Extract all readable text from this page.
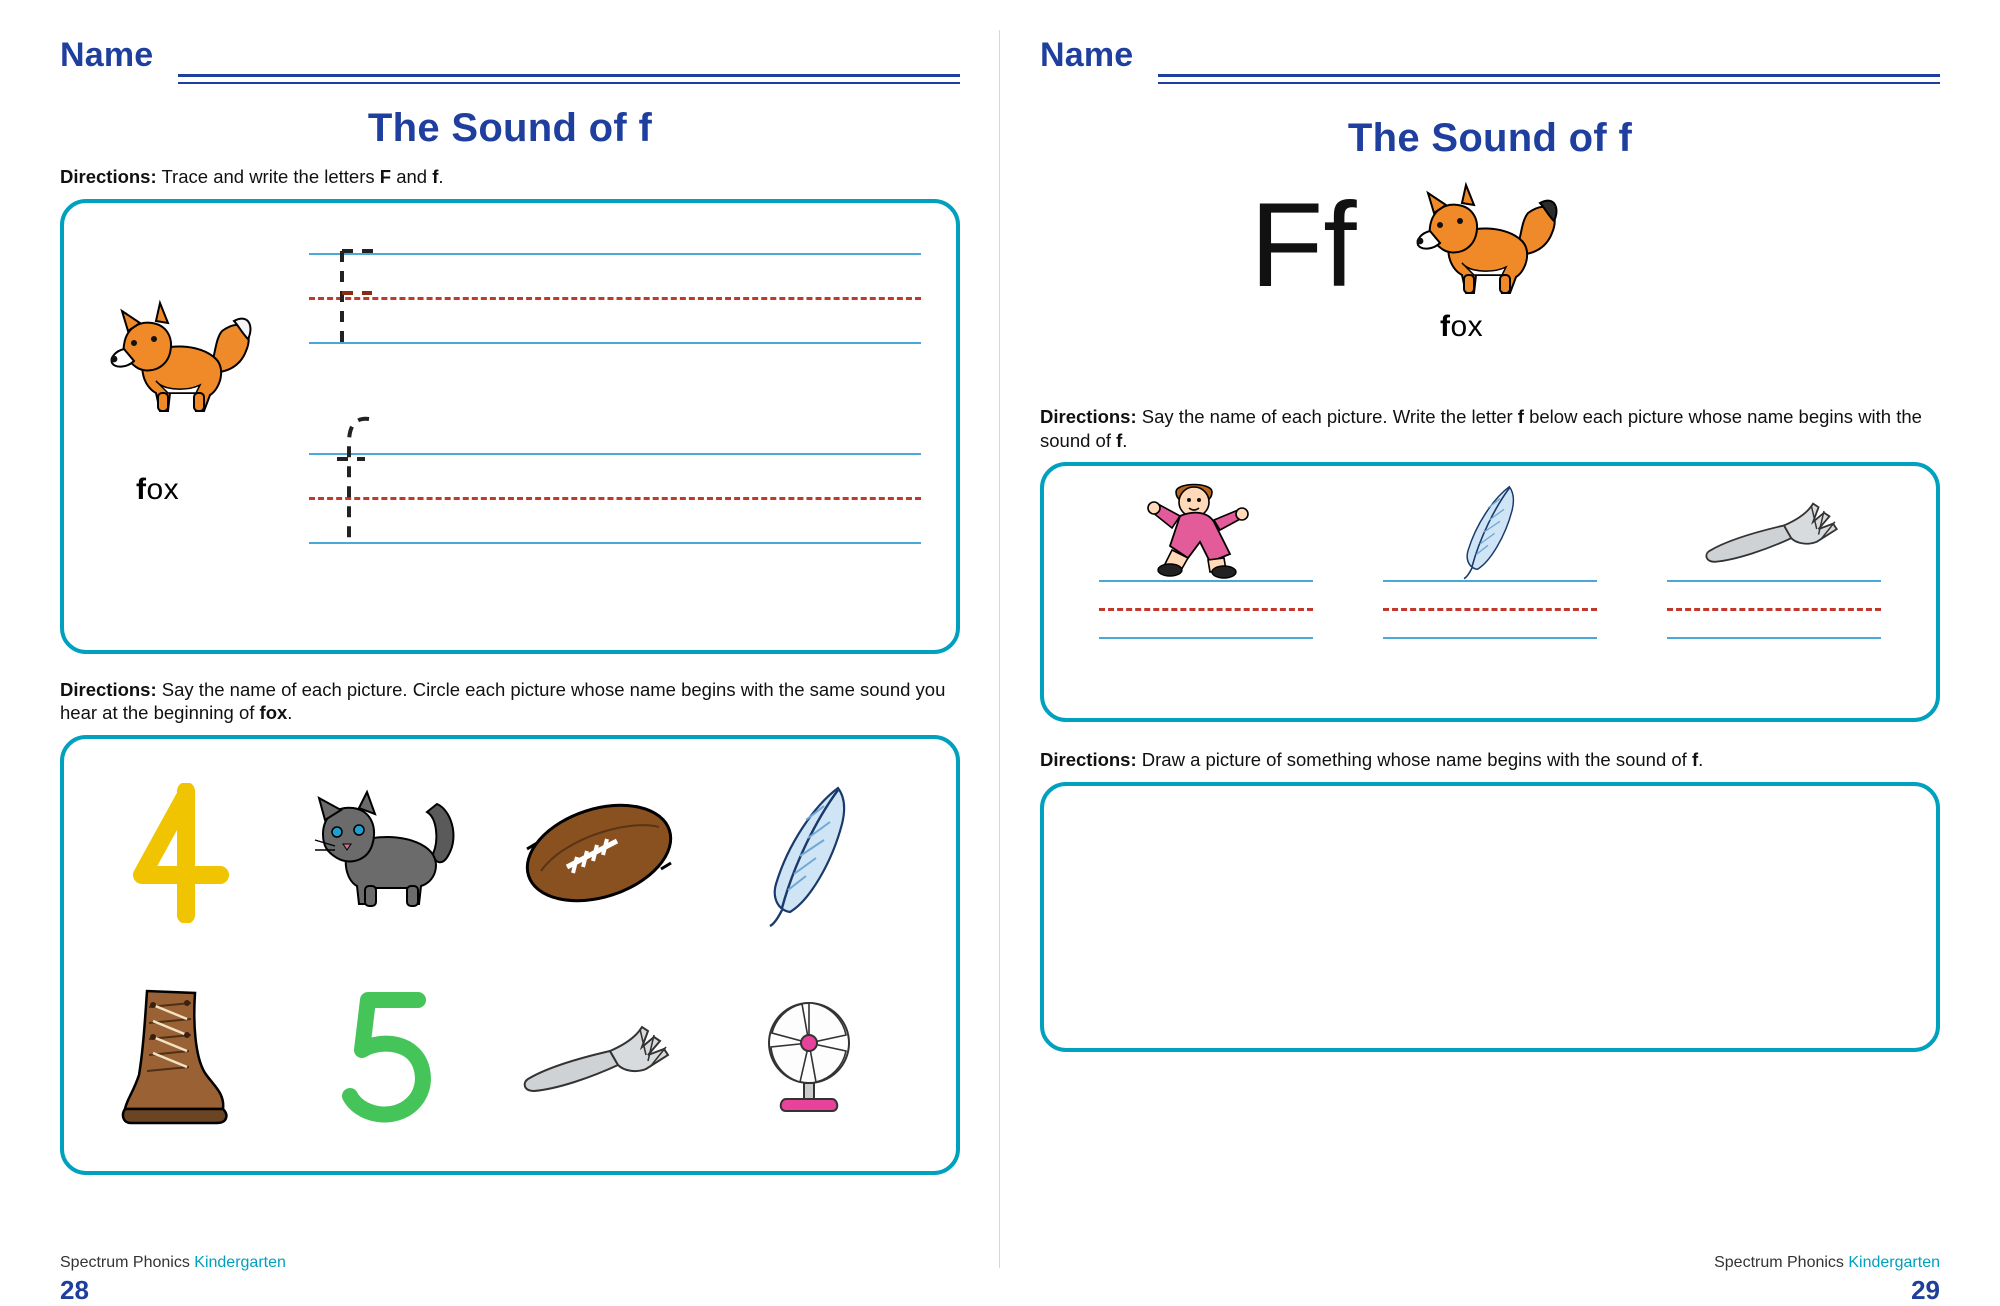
Name
The Sound of f
Directions: Trace and write the letters F and f.
fox
Directions: Say the name of each picture. Circle each picture whose name begins with the same sound you hear at the beginning of fox.
Spectrum Phonics Kindergarten
28
Name
The Sound of f
Ff
fox
Directions: Say the name of each picture. Write the letter f below each picture whose name begins with the sound of f.
Directions: Draw a picture of something whose name begins with the sound of f.
Spectrum Phonics Kindergarten
29
